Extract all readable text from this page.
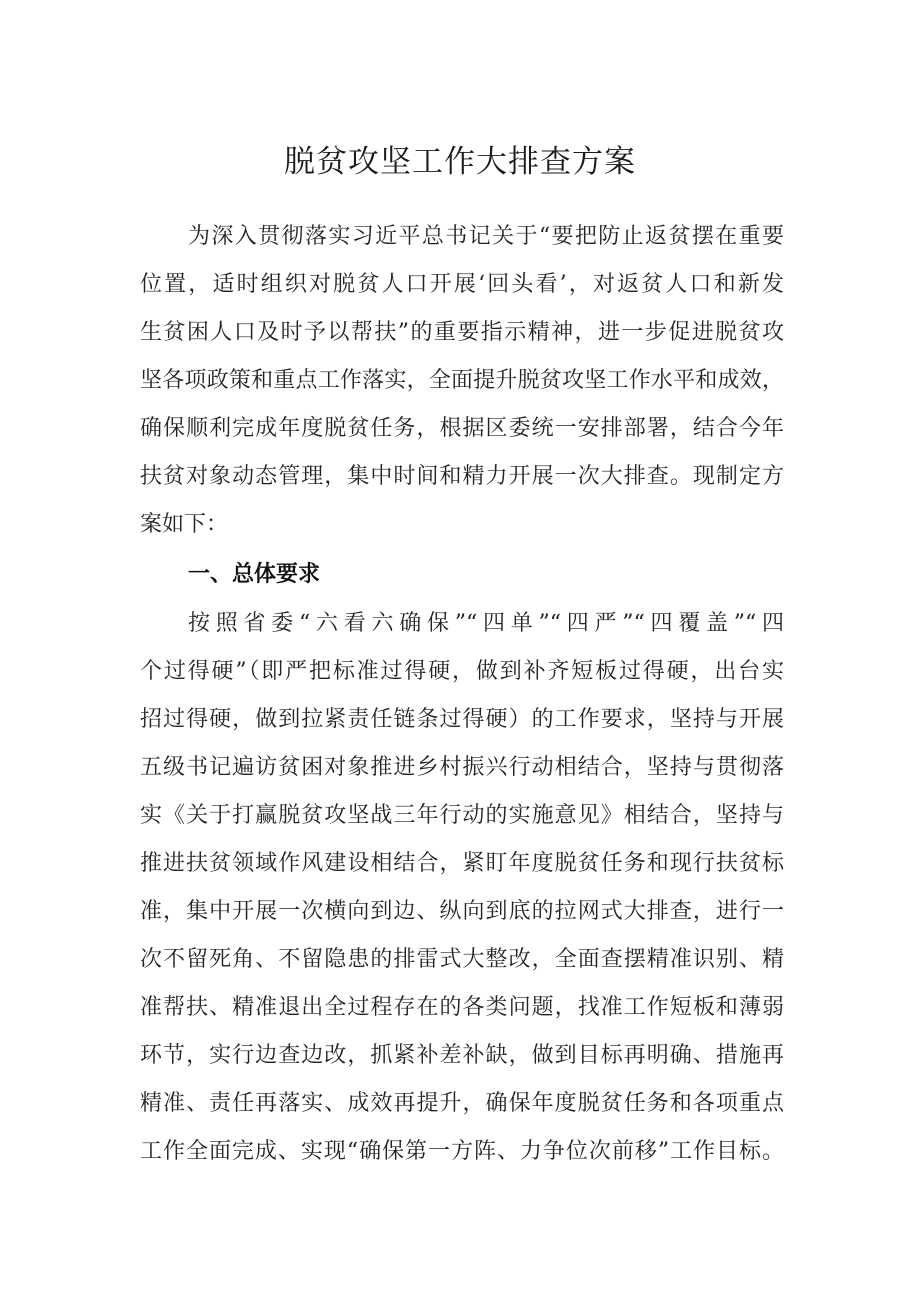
脱贫攻坚工作大排查方案
为深入贯彻落实习近平总书记关于“要把防止返贫摆在重要
位置，适时组织对脱贫人口开展‘回头看’，对返贫人口和新发
生贫困人口及时予以帮扶”的重要指示精神，进一步促进脱贫攻
坚各项政策和重点工作落实，全面提升脱贫攻坚工作水平和成效，
确保顺利完成年度脱贫任务，根据区委统一安排部署，结合今年
扶贫对象动态管理，集中时间和精力开展一次大排查。现制定方
案如下：
一、总体要求
按照省委“六看六确保”“四单”“四严”“四覆盖”“四
个过得硬”（即严把标准过得硬，做到补齐短板过得硬，出台实
招过得硬，做到拉紧责任链条过得硬）的工作要求，坚持与开展
五级书记遍访贫困对象推进乡村振兴行动相结合，坚持与贯彻落
实《关于打赢脱贫攻坚战三年行动的实施意见》相结合，坚持与
推进扶贫领域作风建设相结合，紧盯年度脱贫任务和现行扶贫标
准，集中开展一次横向到边、纵向到底的拉网式大排查，进行一
次不留死角、不留隐患的排雷式大整改，全面查摆精准识别、精
准帮扶、精准退出全过程存在的各类问题，找准工作短板和薄弱
环节，实行边查边改，抓紧补差补缺，做到目标再明确、措施再
精准、责任再落实、成效再提升，确保年度脱贫任务和各项重点
工作全面完成、实现“确保第一方阵、力争位次前移”工作目标。
